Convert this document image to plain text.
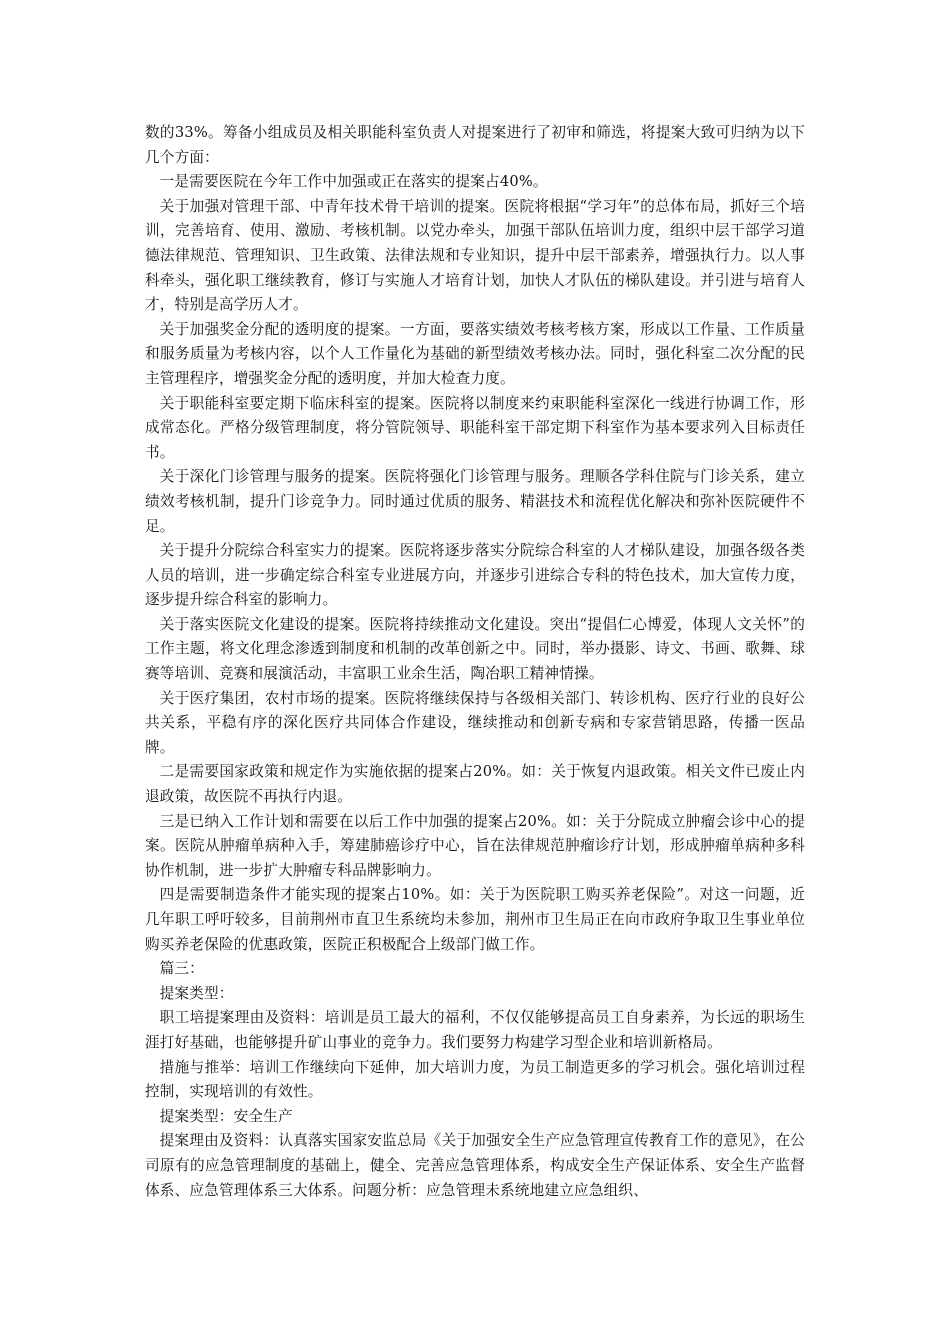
数的33%。筹备小组成员及相关职能科室负责人对提案进行了初审和筛选，将提案大致可归纳为以下几个方面：

一是需要医院在今年工作中加强或正在落实的提案占40%。

关于加强对管理干部、中青年技术骨干培训的提案。医院将根据“学习年”的总体布局，抓好三个培训，完善培育、使用、激励、考核机制。以党办牵头，加强干部队伍培训力度，组织中层干部学习道德法律规范、管理知识、卫生政策、法律法规和专业知识，提升中层干部素养，增强执行力。以人事科牵头，强化职工继续教育，修订与实施人才培育计划，加快人才队伍的梯队建设。并引进与培育人才，特别是高学历人才。

关于加强奖金分配的透明度的提案。一方面，要落实绩效考核考核方案，形成以工作量、工作质量和服务质量为考核内容，以个人工作量化为基础的新型绩效考核办法。同时，强化科室二次分配的民主管理程序，增强奖金分配的透明度，并加大检查力度。

关于职能科室要定期下临床科室的提案。医院将以制度来约束职能科室深化一线进行协调工作，形成常态化。严格分级管理制度，将分管院领导、职能科室干部定期下科室作为基本要求列入目标责任书。

关于深化门诊管理与服务的提案。医院将强化门诊管理与服务。理顺各学科住院与门诊关系，建立绩效考核机制，提升门诊竞争力。同时通过优质的服务、精湛技术和流程优化解决和弥补医院硬件不足。

关于提升分院综合科室实力的提案。医院将逐步落实分院综合科室的人才梯队建设，加强各级各类人员的培训，进一步确定综合科室专业进展方向，并逐步引进综合专科的特色技术，加大宣传力度，逐步提升综合科室的影响力。

关于落实医院文化建设的提案。医院将持续推动文化建设。突出“提倡仁心博爱，体现人文关怀”的工作主题，将文化理念渗透到制度和机制的改革创新之中。同时，举办摄影、诗文、书画、歌舞、球赛等培训、竞赛和展演活动，丰富职工业余生活，陶冶职工精神情操。

关于医疗集团，农村市场的提案。医院将继续保持与各级相关部门、转诊机构、医疗行业的良好公共关系，平稳有序的深化医疗共同体合作建设，继续推动和创新专病和专家营销思路，传播一医品牌。

二是需要国家政策和规定作为实施依据的提案占20%。如：关于恢复内退政策。相关文件已废止内退政策，故医院不再执行内退。

三是已纳入工作计划和需要在以后工作中加强的提案占20%。如：关于分院成立肿瘤会诊中心的提案。医院从肿瘤单病种入手，筹建肺癌诊疗中心，旨在法律规范肿瘤诊疗计划，形成肿瘤单病种多科协作机制，进一步扩大肿瘤专科品牌影响力。

四是需要制造条件才能实现的提案占10%。如：关于为医院职工购买养老保险”。对这一问题，近几年职工呼吁较多，目前荆州市直卫生系统均未参加，荆州市卫生局正在向市政府争取卫生事业单位购买养老保险的优惠政策，医院正积极配合上级部门做工作。

篇三：

提案类型：

职工培提案理由及资料：培训是员工最大的福利，不仅仅能够提高员工自身素养，为长远的职场生涯打好基础，也能够提升矿山事业的竞争力。我们要努力构建学习型企业和培训新格局。

措施与推举：培训工作继续向下延伸，加大培训力度，为员工制造更多的学习机会。强化培训过程控制，实现培训的有效性。

提案类型：安全生产

提案理由及资料：认真落实国家安监总局《关于加强安全生产应急管理宣传教育工作的意见》，在公司原有的应急管理制度的基础上，健全、完善应急管理体系，构成安全生产保证体系、安全生产监督体系、应急管理体系三大体系。问题分析：应急管理未系统地建立应急组织、
